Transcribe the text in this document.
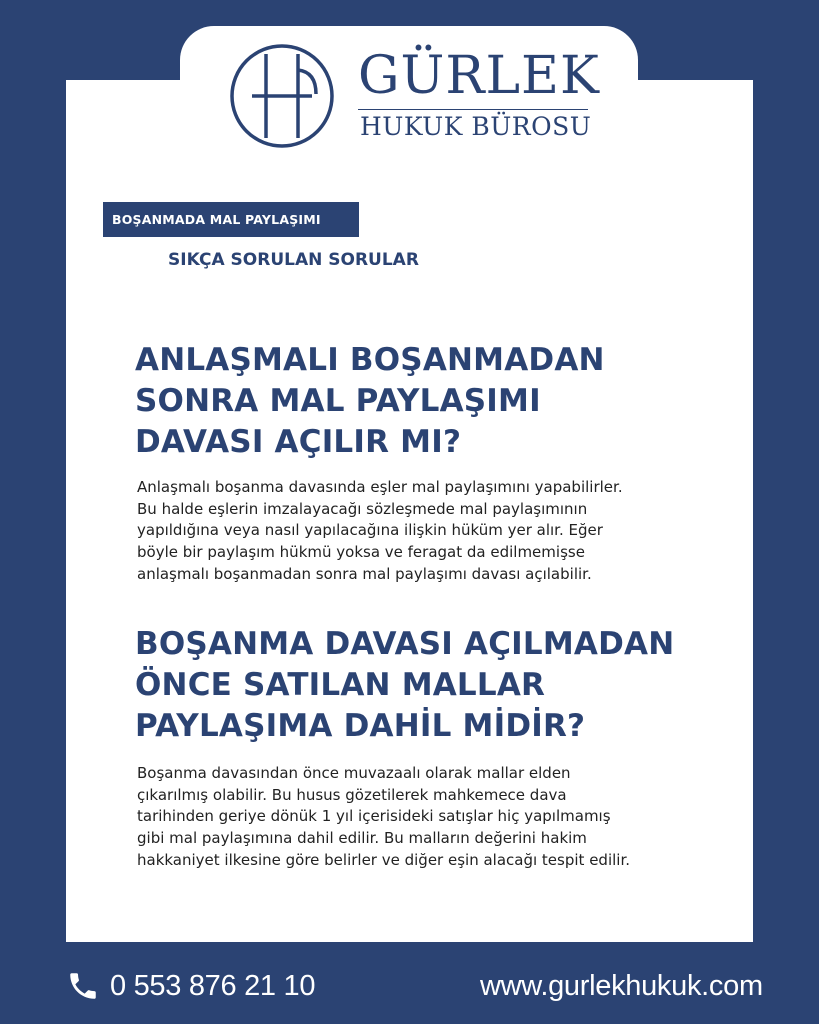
GÜRLEK
HUKUK BÜROSU
BOŞANMADA MAL PAYLAŞIMI
SIKÇA SORULAN SORULAR
ANLAŞMALI BOŞANMADAN
SONRA MAL PAYLAŞIMI
DAVASI AÇILIR MI?

Anlaşmalı boşanma davasında eşler mal paylaşımını yapabilirler.
Bu halde eşlerin imzalayacağı sözleşmede mal paylaşımının
yapıldığına veya nasıl yapılacağına ilişkin hüküm yer alır. Eğer
böyle bir paylaşım hükmü yoksa ve feragat da edilmemişse
anlaşmalı boşanmadan sonra mal paylaşımı davası açılabilir.

BOŞANMA DAVASI AÇILMADAN
ÖNCE SATILAN MALLAR
PAYLAŞIMA DAHİL MİDİR?

Boşanma davasından önce muvazaalı olarak mallar elden
çıkarılmış olabilir. Bu husus gözetilerek mahkemece dava
tarihinden geriye dönük 1 yıl içerisideki satışlar hiç yapılmamış
gibi mal paylaşımına dahil edilir. Bu malların değerini hakim
hakkaniyet ilkesine göre belirler ve diğer eşin alacağı tespit edilir.

0 553 876 21 10	www.gurlekhukuk.com
